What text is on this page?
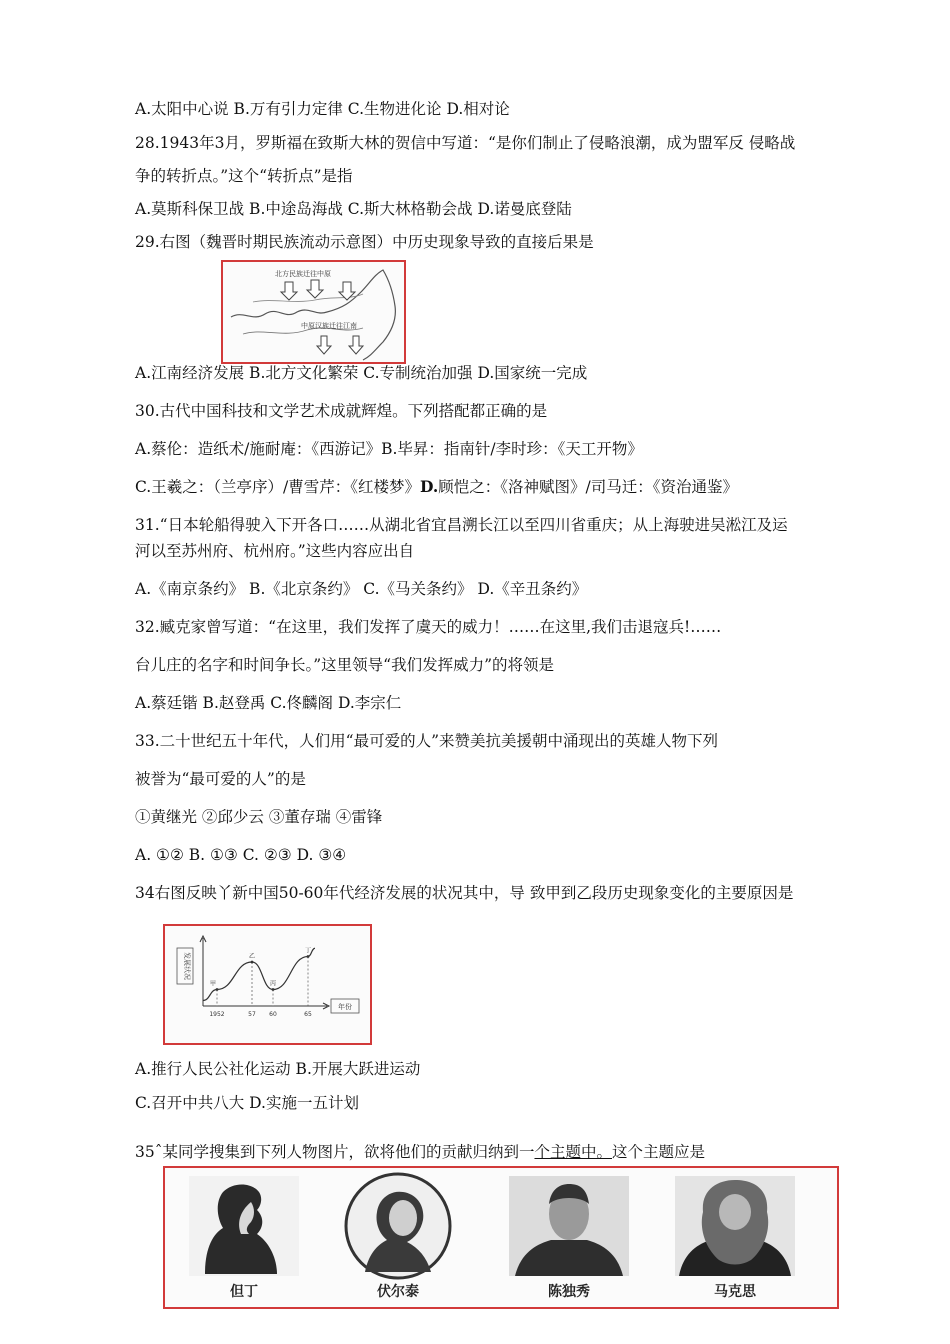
A.太阳中心说 B.万有引力定律 C.生物进化论 D.相对论
28.1943年3月，罗斯福在致斯大林的贺信中写道：“是你们制止了侵略浪潮，成为盟军反 侵略战
争的转折点。”这个“转折点”是指
A.莫斯科保卫战 B.中途岛海战 C.斯大林格勒会战 D.诺曼底登陆
29.右图（魏晋时期民族流动示意图）中历史现象导致的直接后果是
北方民族迁往中原
中原汉族迁往江南
A.江南经济发展 B.北方文化繁荣 C.专制统治加强 D.国家统一完成
30.古代中国科技和文学艺术成就辉煌。下列搭配都正确的是
A.蔡伦：造纸术/施耐庵：《西游记》B.毕昇：指南针/李时珍：《天工开物》
C.王羲之：（兰亭序）/曹雪芹：《红楼梦》D.顾恺之：《洛神赋图》/司马迁：《资治通鉴》
31.“日本轮船得驶入下开各口……从湖北省宜昌溯长江以至四川省重庆；从上海驶进吴淞江及运
河以至苏州府、杭州府。”这些内容应出自
A.《南京条约》 B.《北京条约》 C.《马关条约》 D.《辛丑条约》
32.臧克家曾写道：“在这里，我们发挥了虞天的威力！……在这里,我们击退寇兵!……
台儿庄的名字和时间争长。”这里领导“我们发挥威力”的将领是
A.蔡廷锴 B.赵登禹 C.佟麟阁 D.李宗仁
33.二十世纪五十年代，人们用“最可爱的人”来赞美抗美援朝中涌现出的英雄人物下列
被誉为“最可爱的人”的是
①黄继光 ②邱少云 ③董存瑞 ④雷锋
A. ①② B. ①③ C. ②③ D. ③④
34右图反映丫新中国50-60年代经济发展的状况其中，导 致甲到乙段历史现象变化的主要原因是
发展状况
年份
1952
甲
57
乙
60
丙
65
丁
A.推行人民公社化运动 B.开展大跃进运动
C.召开中共八大 D.实施一五计划
35ˆ某同学搜集到下列人物图片，欲将他们的贡献归纳到一个主题中。这个主题应是
但丁	伏尔泰	陈独秀	马克思
